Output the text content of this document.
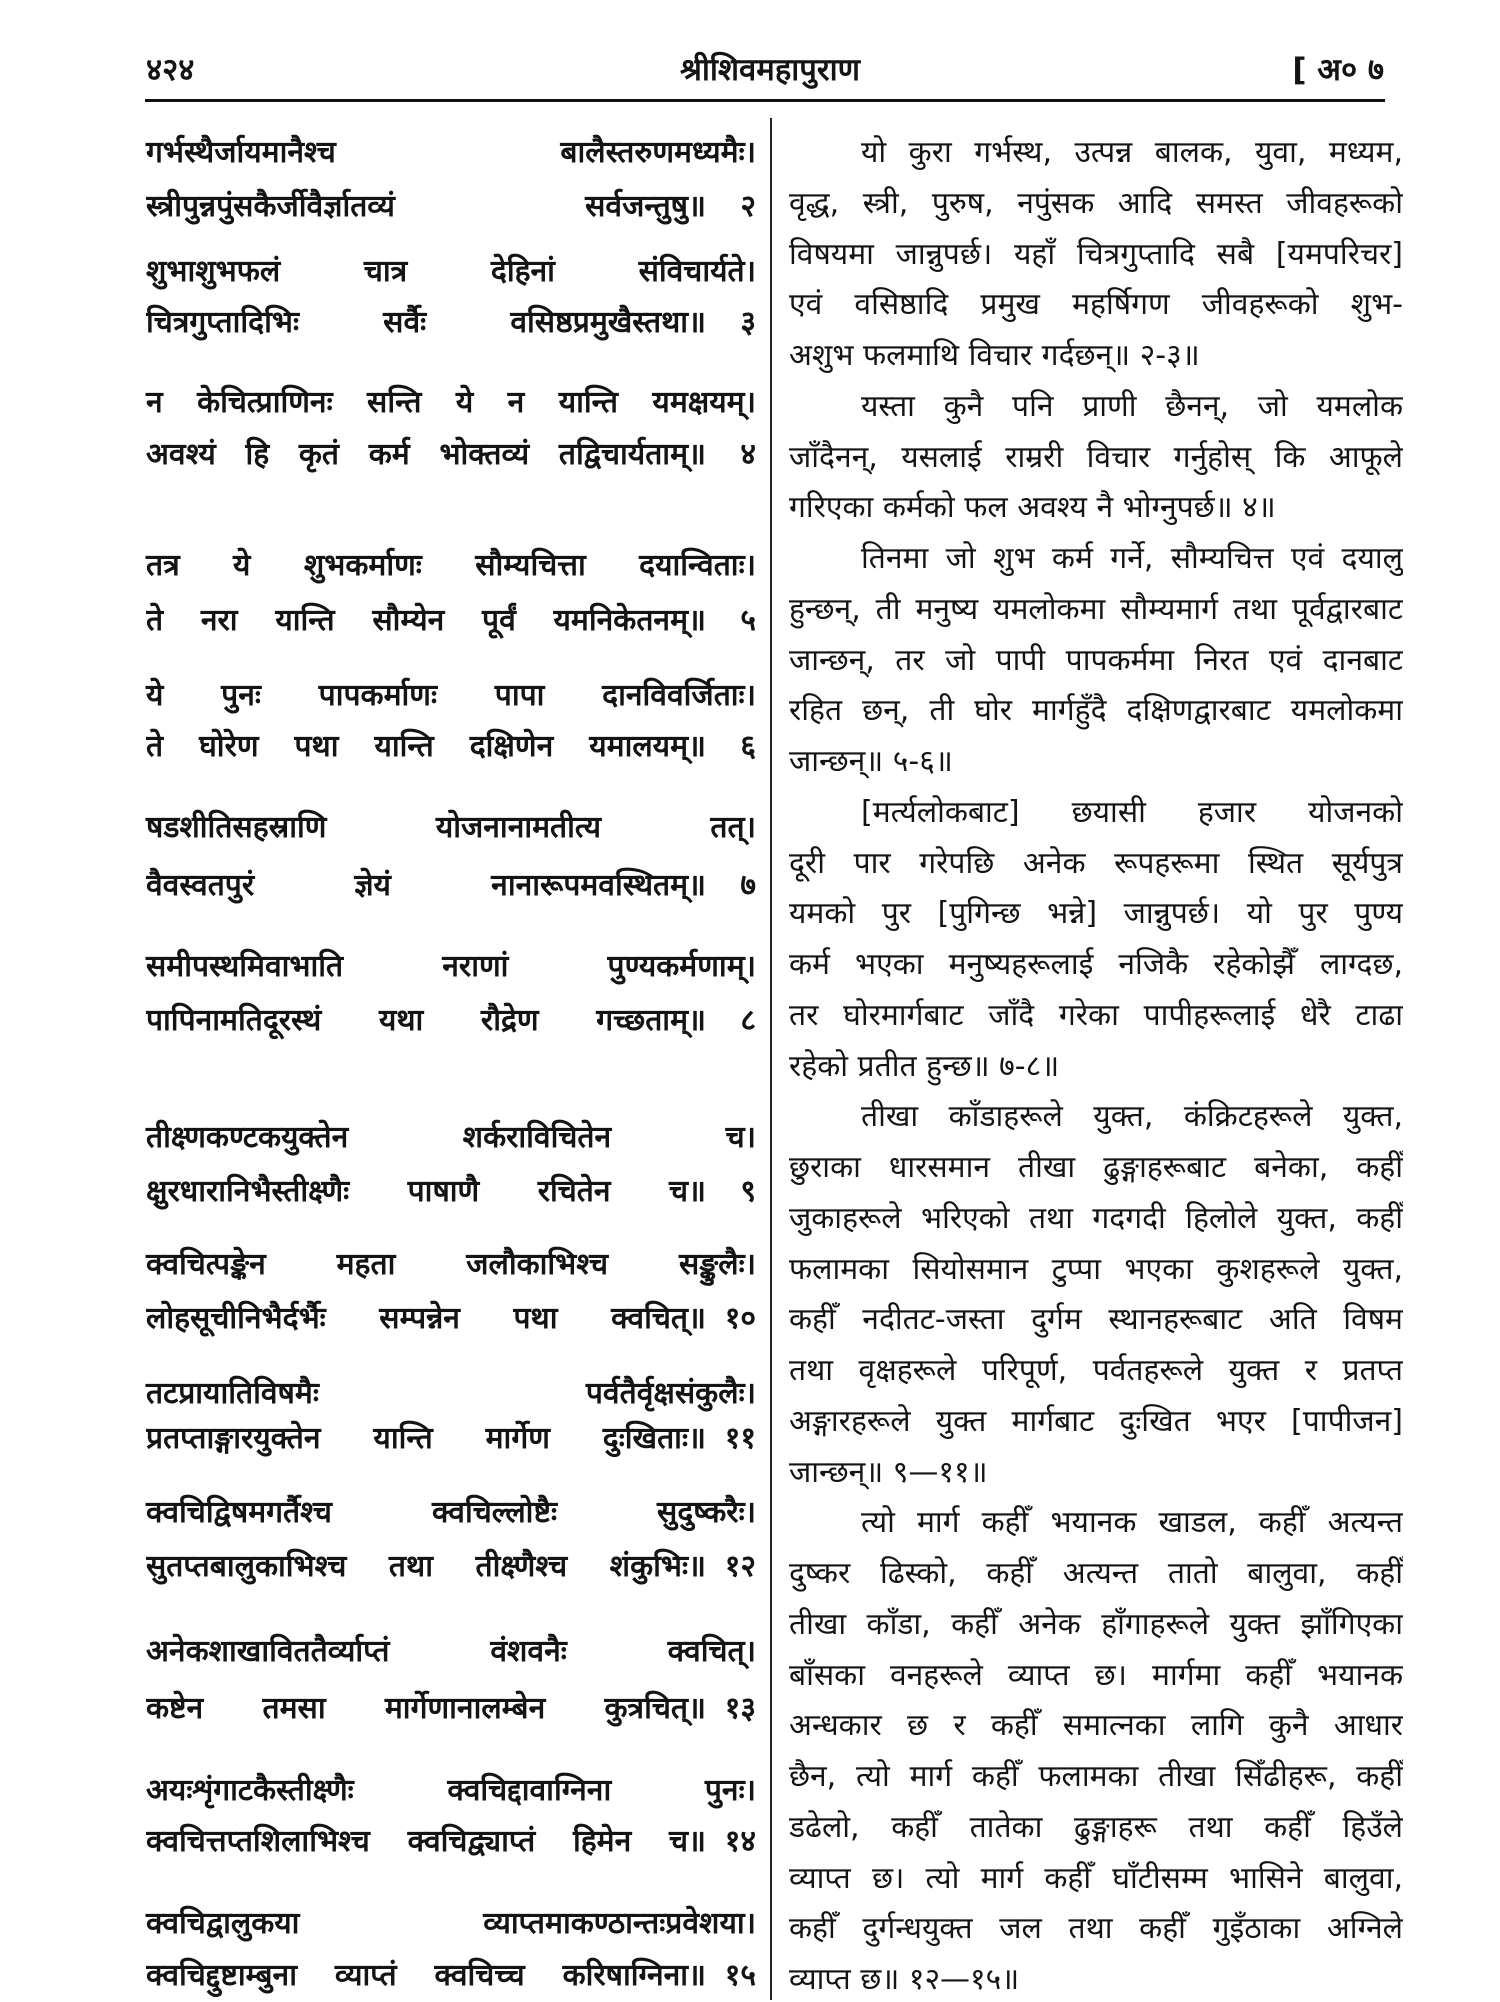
४२४	श्रीशिवमहापुराण	[ अ० ७
गर्भस्थैर्जायमानैश्च बालैस्तरुणमध्यमैः।
स्त्रीपुन्नपुंसकैर्जीवैर्ज्ञातव्यं सर्वजन्तुषु॥	२
शुभाशुभफलं चात्र देहिनां संविचार्यते।
चित्रगुप्तादिभिः सर्वैः वसिष्ठप्रमुखैस्तथा॥	३
न केचित्प्राणिनः सन्ति ये न यान्ति यमक्षयम्।
अवश्यं हि कृतं कर्म भोक्तव्यं तद्विचार्यताम्॥	४
तत्र ये शुभकर्माणः सौम्यचित्ता दयान्विताः।
ते नरा यान्ति सौम्येन पूर्वं यमनिकेतनम्॥	५
ये पुनः पापकर्माणः पापा दानविवर्जिताः।
ते घोरेण पथा यान्ति दक्षिणेन यमालयम्॥	६
षडशीतिसहस्राणि योजनानामतीत्य तत्।
वैवस्वतपुरं ज्ञेयं नानारूपमवस्थितम्॥	७
समीपस्थमिवाभाति नराणां पुण्यकर्मणाम्।
पापिनामतिदूरस्थं यथा रौद्रेण गच्छताम्॥	८
तीक्ष्णकण्टकयुक्तेन शर्कराविचितेन च।
क्षुरधारानिभैस्तीक्ष्णैः पाषाणै रचितेन च॥	९
क्वचित्पङ्केन महता जलौकाभिश्च सङ्कुलैः।
लोहसूचीनिभैर्दर्भैः सम्पन्नेन पथा क्वचित्॥ १०
तटप्रायातिविषमैः पर्वतैर्वृक्षसंकुलैः।
प्रतप्ताङ्गारयुक्तेन यान्ति मार्गेण दुःखिताः॥ ११
क्वचिद्विषमगर्तैश्च क्वचिल्लोष्टैः सुदुष्करैः।
सुतप्तबालुकाभिश्च तथा तीक्ष्णैश्च शंकुभिः॥ १२
अनेकशाखाविततैर्व्याप्तं वंशवनैः क्वचित्।
कष्टेन तमसा मार्गेणानालम्बेन कुत्रचित्॥ १३
अयःशृंगाटकैस्तीक्ष्णैः क्वचिद्दावाग्निना पुनः।
क्वचित्तप्तशिलाभिश्च क्वचिद्व्याप्तं हिमेन च॥ १४
क्वचिद्वालुकया व्याप्तमाकण्ठान्तःप्रवेशया।
क्वचिद्दुष्टाम्बुना व्याप्तं क्वचिच्च करिषाग्निना॥ १५
यो कुरा गर्भस्थ, उत्पन्न बालक, युवा, मध्यम,
वृद्ध, स्त्री, पुरुष, नपुंसक आदि समस्त जीवहरूको
विषयमा जान्नुपर्छ। यहाँ चित्रगुप्तादि सबै [यमपरिचर]
एवं वसिष्ठादि प्रमुख महर्षिगण जीवहरूको शुभ-
अशुभ फलमाथि विचार गर्दछन्॥ २-३॥
यस्ता कुनै पनि प्राणी छैनन्, जो यमलोक
जाँदैनन्, यसलाई राम्ररी विचार गर्नुहोस् कि आफूले
गरिएका कर्मको फल अवश्य नै भोग्नुपर्छ॥ ४॥
तिनमा जो शुभ कर्म गर्ने, सौम्यचित्त एवं दयालु
हुन्छन्, ती मनुष्य यमलोकमा सौम्यमार्ग तथा पूर्वद्वारबाट
जान्छन्, तर जो पापी पापकर्ममा निरत एवं दानबाट
रहित छन्, ती घोर मार्गहुँदै दक्षिणद्वारबाट यमलोकमा
जान्छन्॥ ५-६॥
[मर्त्यलोकबाट] छयासी हजार योजनको
दूरी पार गरेपछि अनेक रूपहरूमा स्थित सूर्यपुत्र
यमको पुर [पुगिन्छ भन्ने] जान्नुपर्छ। यो पुर पुण्य
कर्म भएका मनुष्यहरूलाई नजिकै रहेकोझैँ लाग्दछ,
तर घोरमार्गबाट जाँदै गरेका पापीहरूलाई धेरै टाढा
रहेको प्रतीत हुन्छ॥ ७-८॥
तीखा काँडाहरूले युक्त, कंक्रिटहरूले युक्त,
छुराका धारसमान तीखा ढुङ्गाहरूबाट बनेका, कहीँ
जुकाहरूले भरिएको तथा गदगदी हिलोले युक्त, कहीँ
फलामका सियोसमान टुप्पा भएका कुशहरूले युक्त,
कहीँ नदीतट-जस्ता दुर्गम स्थानहरूबाट अति विषम
तथा वृक्षहरूले परिपूर्ण, पर्वतहरूले युक्त र प्रतप्त
अङ्गारहरूले युक्त मार्गबाट दुःखित भएर [पापीजन]
जान्छन्॥ ९—११॥
त्यो मार्ग कहीँ भयानक खाडल, कहीँ अत्यन्त
दुष्कर ढिस्को, कहीँ अत्यन्त तातो बालुवा, कहीँ
तीखा काँडा, कहीँ अनेक हाँगाहरूले युक्त झाँगिएका
बाँसका वनहरूले व्याप्त छ। मार्गमा कहीँ भयानक
अन्धकार छ र कहीँ समात्नका लागि कुनै आधार
छैन, त्यो मार्ग कहीँ फलामका तीखा सिँढीहरू, कहीँ
डढेलो, कहीँ तातेका ढुङ्गाहरू तथा कहीँ हिउँले
व्याप्त छ। त्यो मार्ग कहीँ घाँटीसम्म भासिने बालुवा,
कहीँ दुर्गन्धयुक्त जल तथा कहीँ गुइँठाका अग्निले
व्याप्त छ॥ १२—१५॥
